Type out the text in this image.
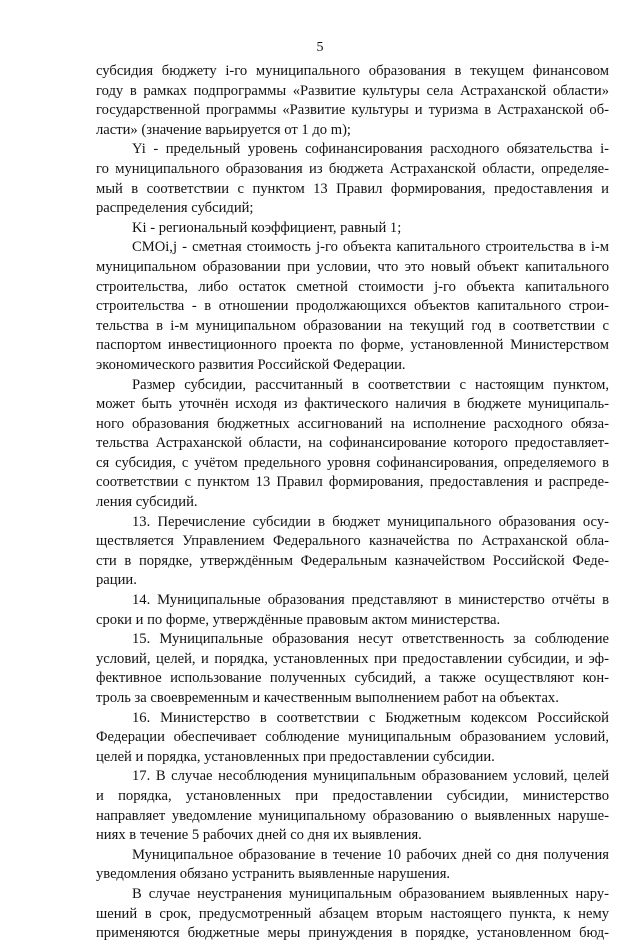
5
субсидия бюджету i-го муниципального образования в текущем финансовом
году в рамках подпрограммы «Развитие культуры села Астраханской области»
государственной программы «Развитие культуры и туризма в Астраханской об-
ласти» (значение варьируется от 1 до m);
Yi - предельный уровень софинансирования расходного обязательства i-
го муниципального образования из бюджета Астраханской области, определяе-
мый в соответствии с пунктом 13 Правил формирования, предоставления и
распределения субсидий;
Ki - региональный коэффициент, равный 1;
СМОi,j - сметная стоимость j-го объекта капитального строительства в i-м
муниципальном образовании при условии, что это новый объект капитального
строительства, либо остаток сметной стоимости j-го объекта капитального
строительства - в отношении продолжающихся объектов капитального строи-
тельства в i-м муниципальном образовании на текущий год в соответствии с
паспортом инвестиционного проекта по форме, установленной Министерством
экономического развития Российской Федерации.
Размер субсидии, рассчитанный в соответствии с настоящим пунктом,
может быть уточнён исходя из фактического наличия в бюджете муниципаль-
ного образования бюджетных ассигнований на исполнение расходного обяза-
тельства Астраханской области, на софинансирование которого предоставляет-
ся субсидия, с учётом предельного уровня софинансирования, определяемого в
соответствии с пунктом 13 Правил формирования, предоставления и распреде-
ления субсидий.
13. Перечисление субсидии в бюджет муниципального образования осу-
ществляется Управлением Федерального казначейства по Астраханской обла-
сти в порядке, утверждённым Федеральным казначейством Российской Феде-
рации.
14. Муниципальные образования представляют в министерство отчёты в
сроки и по форме, утверждённые правовым актом министерства.
15. Муниципальные образования несут ответственность за соблюдение
условий, целей, и порядка, установленных при предоставлении субсидии, и эф-
фективное использование полученных субсидий, а также осуществляют кон-
троль за своевременным и качественным выполнением работ на объектах.
16. Министерство в соответствии с Бюджетным кодексом Российской
Федерации обеспечивает соблюдение муниципальным образованием условий,
целей и порядка, установленных при предоставлении субсидии.
17. В случае несоблюдения муниципальным образованием условий, целей
и порядка, установленных при предоставлении субсидии, министерство
направляет уведомление муниципальному образованию о выявленных наруше-
ниях в течение 5 рабочих дней со дня их выявления.
Муниципальное образование в течение 10 рабочих дней со дня получения
уведомления обязано устранить выявленные нарушения.
В случае неустранения муниципальным образованием выявленных нару-
шений в срок, предусмотренный абзацем вторым настоящего пункта, к нему
применяются бюджетные меры принуждения в порядке, установленном бюд-
